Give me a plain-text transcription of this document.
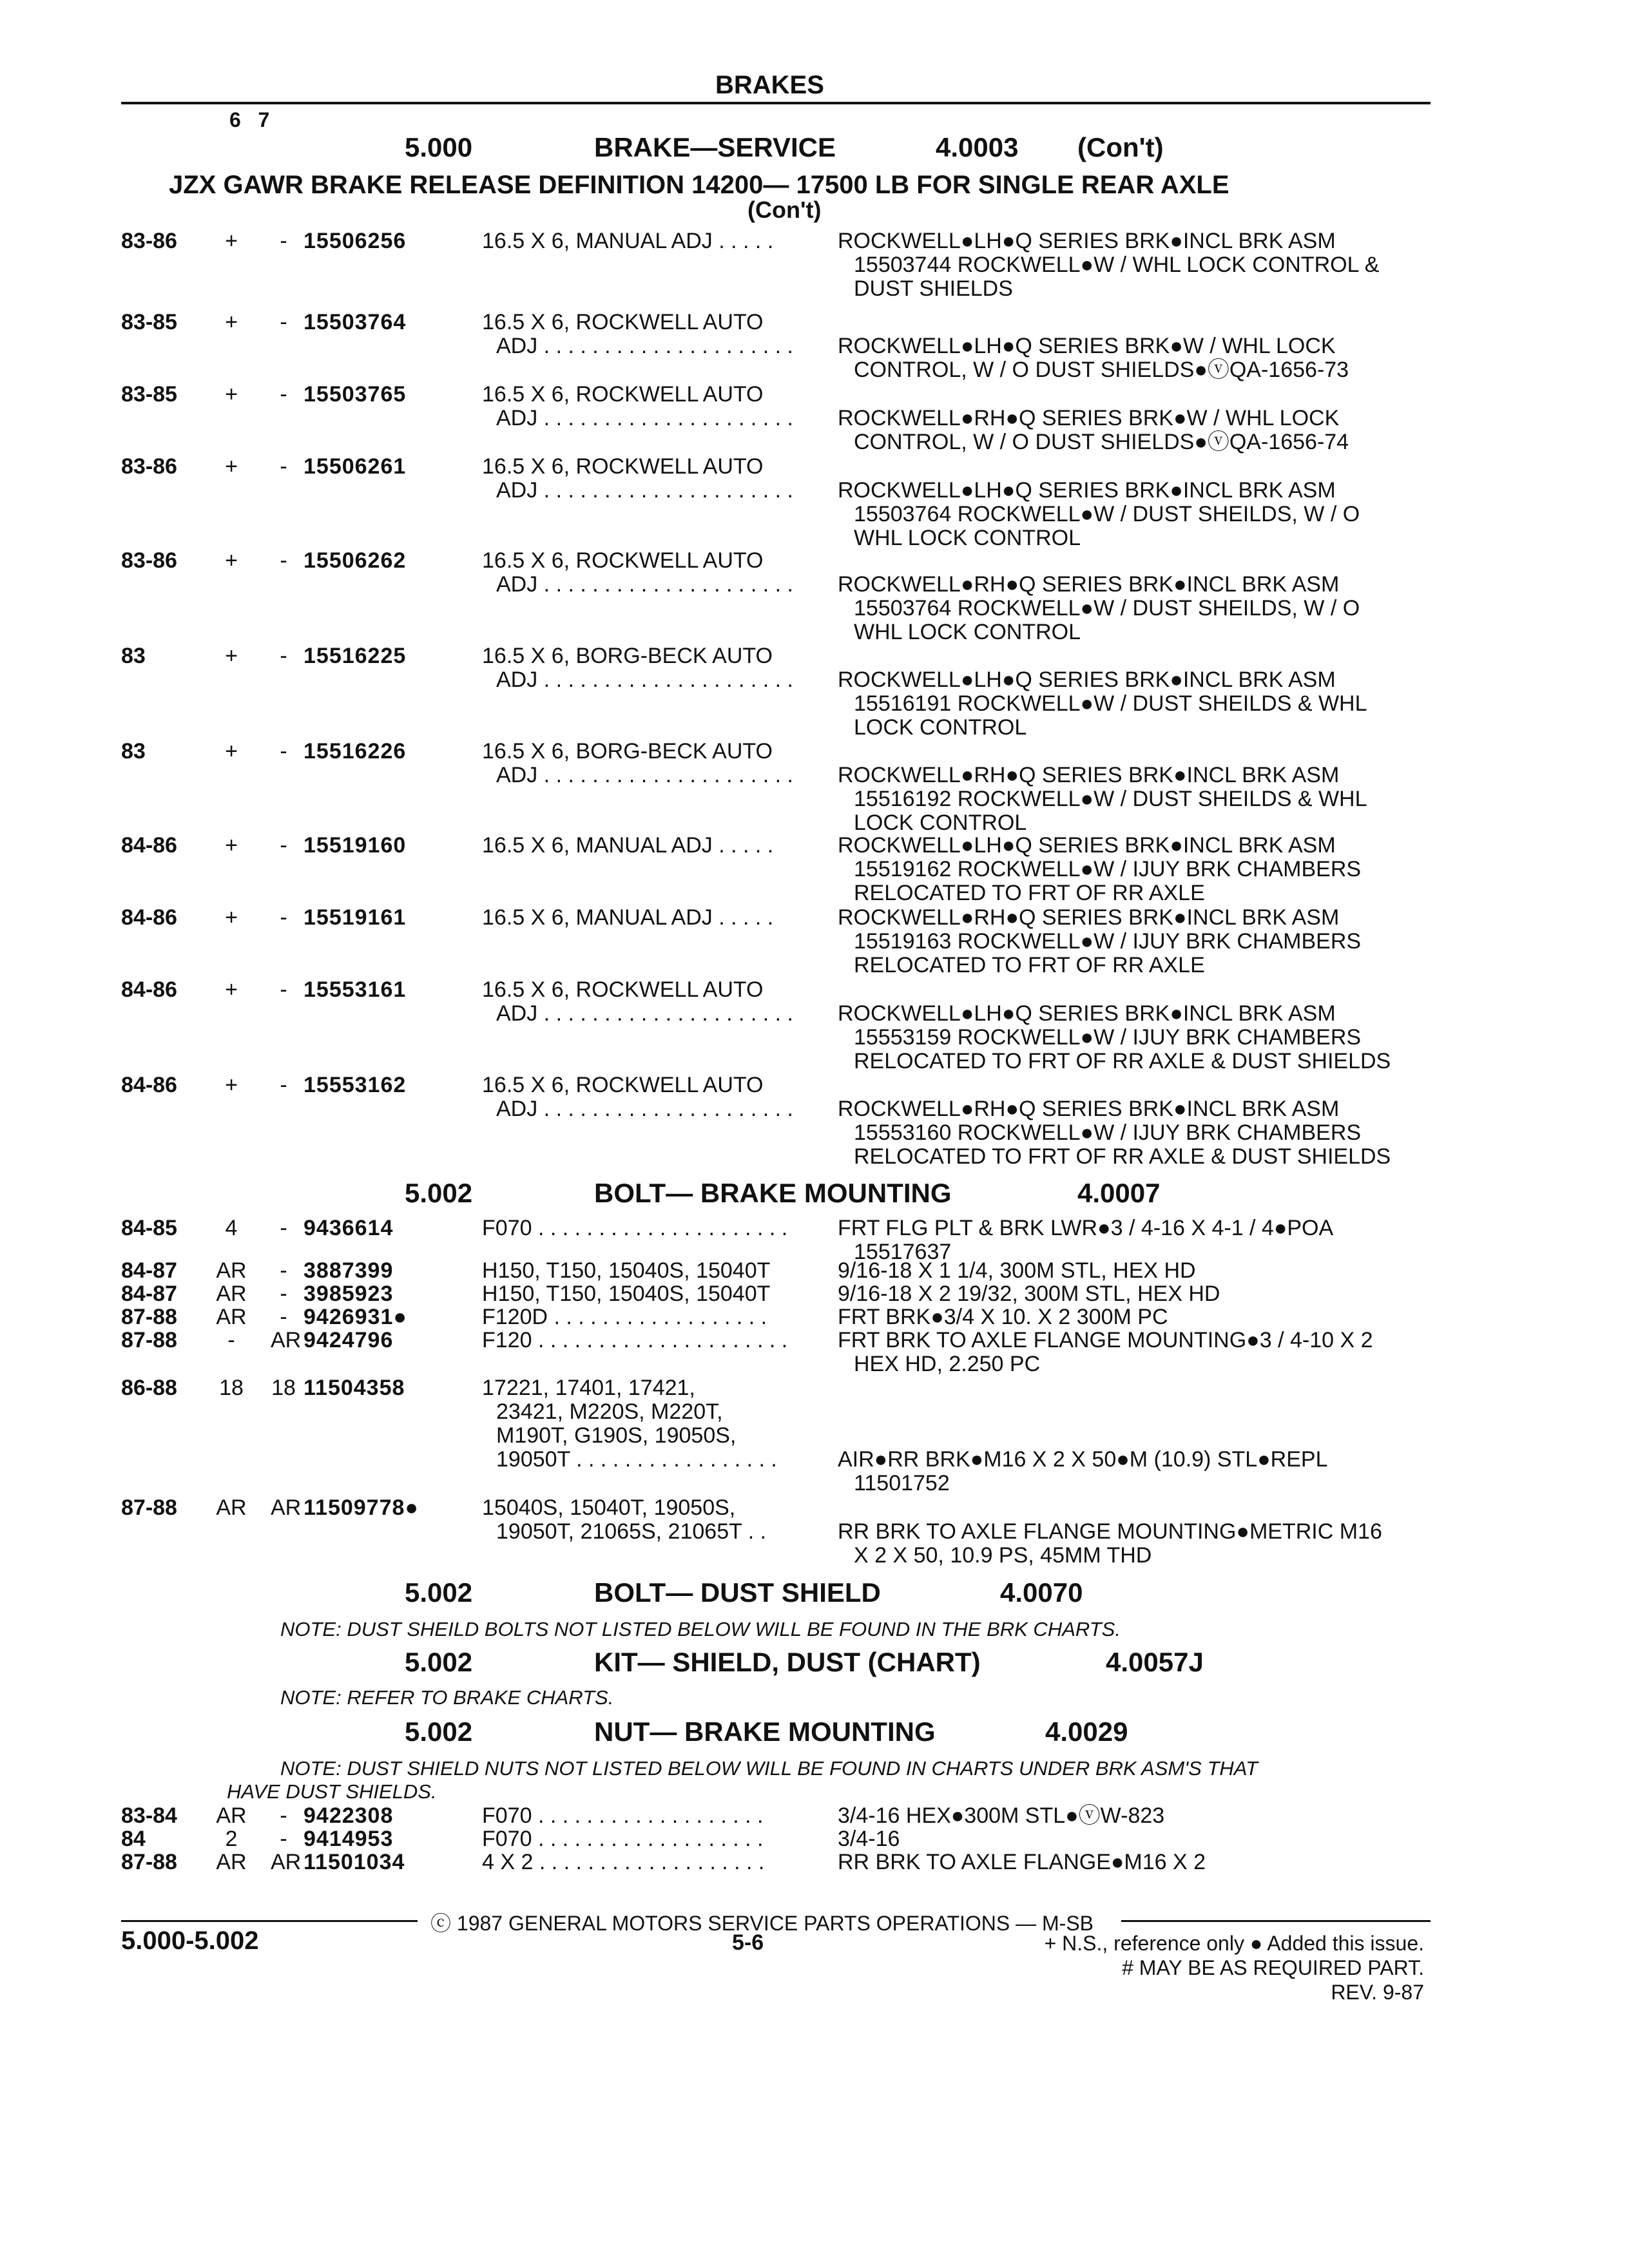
BRAKES
6   7
5.000	BRAKE—SERVICE	4.0003 (Con't)
JZX GAWR BRAKE RELEASE DEFINITION 14200— 17500 LB FOR SINGLE REAR AXLE
(Con't)
83-86	+	- 15506256	16.5 X 6, MANUAL ADJ . . . . .	ROCKWELL●LH●Q SERIES BRK●INCL BRK ASM
15503744 ROCKWELL●W / WHL LOCK CONTROL &
DUST SHIELDS
83-85	+	- 15503764	16.5 X 6, ROCKWELL AUTO
ADJ . . . . . . . . . . . . . . . . . . . . . ROCKWELL●LH●Q SERIES BRK●W / WHL LOCK
CONTROL, W / O DUST SHIELDS●ⓥQA-1656-73
83-85	+	- 15503765	16.5 X 6, ROCKWELL AUTO
ADJ . . . . . . . . . . . . . . . . . . . . . ROCKWELL●RH●Q SERIES BRK●W / WHL LOCK
CONTROL, W / O DUST SHIELDS●ⓥQA-1656-74
83-86	+	- 15506261	16.5 X 6, ROCKWELL AUTO
ADJ . . . . . . . . . . . . . . . . . . . . . ROCKWELL●LH●Q SERIES BRK●INCL BRK ASM
15503764 ROCKWELL●W / DUST SHEILDS, W / O
WHL LOCK CONTROL
83-86	+	- 15506262	16.5 X 6, ROCKWELL AUTO
ADJ . . . . . . . . . . . . . . . . . . . . . ROCKWELL●RH●Q SERIES BRK●INCL BRK ASM
15503764 ROCKWELL●W / DUST SHEILDS, W / O
WHL LOCK CONTROL
83	+	- 15516225	16.5 X 6, BORG-BECK AUTO
ADJ . . . . . . . . . . . . . . . . . . . . . ROCKWELL●LH●Q SERIES BRK●INCL BRK ASM
15516191 ROCKWELL●W / DUST SHEILDS & WHL
LOCK CONTROL
83	+	- 15516226	16.5 X 6, BORG-BECK AUTO
ADJ . . . . . . . . . . . . . . . . . . . . . ROCKWELL●RH●Q SERIES BRK●INCL BRK ASM
15516192 ROCKWELL●W / DUST SHEILDS & WHL
LOCK CONTROL
84-86	+	- 15519160	16.5 X 6, MANUAL ADJ . . . . .	ROCKWELL●LH●Q SERIES BRK●INCL BRK ASM
15519162 ROCKWELL●W / IJUY BRK CHAMBERS
RELOCATED TO FRT OF RR AXLE
84-86	+	- 15519161	16.5 X 6, MANUAL ADJ . . . . .	ROCKWELL●RH●Q SERIES BRK●INCL BRK ASM
15519163 ROCKWELL●W / IJUY BRK CHAMBERS
RELOCATED TO FRT OF RR AXLE
84-86	+	- 15553161	16.5 X 6, ROCKWELL AUTO
ADJ . . . . . . . . . . . . . . . . . . . . . ROCKWELL●LH●Q SERIES BRK●INCL BRK ASM
15553159 ROCKWELL●W / IJUY BRK CHAMBERS
RELOCATED TO FRT OF RR AXLE & DUST SHIELDS
84-86	+	- 15553162	16.5 X 6, ROCKWELL AUTO
ADJ . . . . . . . . . . . . . . . . . . . . . ROCKWELL●RH●Q SERIES BRK●INCL BRK ASM
15553160 ROCKWELL●W / IJUY BRK CHAMBERS
RELOCATED TO FRT OF RR AXLE & DUST SHIELDS
5.002	BOLT— BRAKE MOUNTING	4.0007
84-85	4	- 9436614	F070 . . . . . . . . . . . . . . . . . . . . . FRT FLG PLT & BRK LWR●3 / 4-16 X 4-1 / 4●POA
15517637
84-87 AR	- 3887399	H150, T150, 15040S, 15040T	9/16-18 X 1 1/4, 300M STL, HEX HD
84-87 AR	- 3985923	H150, T150, 15040S, 15040T	9/16-18 X 2 19/32, 300M STL, HEX HD
87-88 AR	- 9426931●	F120D . . . . . . . . . . . . . . . . . .	FRT BRK●3/4 X 10. X 2 300M PC
87-88	-	AR 9424796	F120 . . . . . . . . . . . . . . . . . . . . . FRT BRK TO AXLE FLANGE MOUNTING●3 / 4-10 X 2
HEX HD, 2.250 PC
86-88 18 18 11504358	17221, 17401, 17421,
23421, M220S, M220T,
M190T, G190S, 19050S,
19050T . . . . . . . . . . . . . . . . .	AIR●RR BRK●M16 X 2 X 50●M (10.9) STL●REPL
11501752
87-88 AR AR 11509778●	15040S, 15040T, 19050S,
19050T, 21065S, 21065T . .	RR BRK TO AXLE FLANGE MOUNTING●METRIC M16
X 2 X 50, 10.9 PS, 45MM THD
5.002	BOLT— DUST SHIELD	4.0070
NOTE: DUST SHEILD BOLTS NOT LISTED BELOW WILL BE FOUND IN THE BRK CHARTS.
5.002	KIT— SHIELD, DUST (CHART)	4.0057J
NOTE: REFER TO BRAKE CHARTS.
5.002	NUT— BRAKE MOUNTING	4.0029
NOTE: DUST SHIELD NUTS NOT LISTED BELOW WILL BE FOUND IN CHARTS UNDER BRK ASM'S THAT
HAVE DUST SHIELDS.
83-84 AR	- 9422308	F070 . . . . . . . . . . . . . . . . . . .	3/4-16 HEX●300M STL●ⓥW-823
84	2	- 9414953	F070 . . . . . . . . . . . . . . . . . . .	3/4-16
87-88 AR AR 11501034	4 X 2 . . . . . . . . . . . . . . . . . . .	RR BRK TO AXLE FLANGE●M16 X 2
ⓒ 1987 GENERAL MOTORS SERVICE PARTS OPERATIONS — M-SB
5.000-5.002	5-6	+ N.S., reference only ● Added this issue.
# MAY BE AS REQUIRED PART.
REV. 9-87
